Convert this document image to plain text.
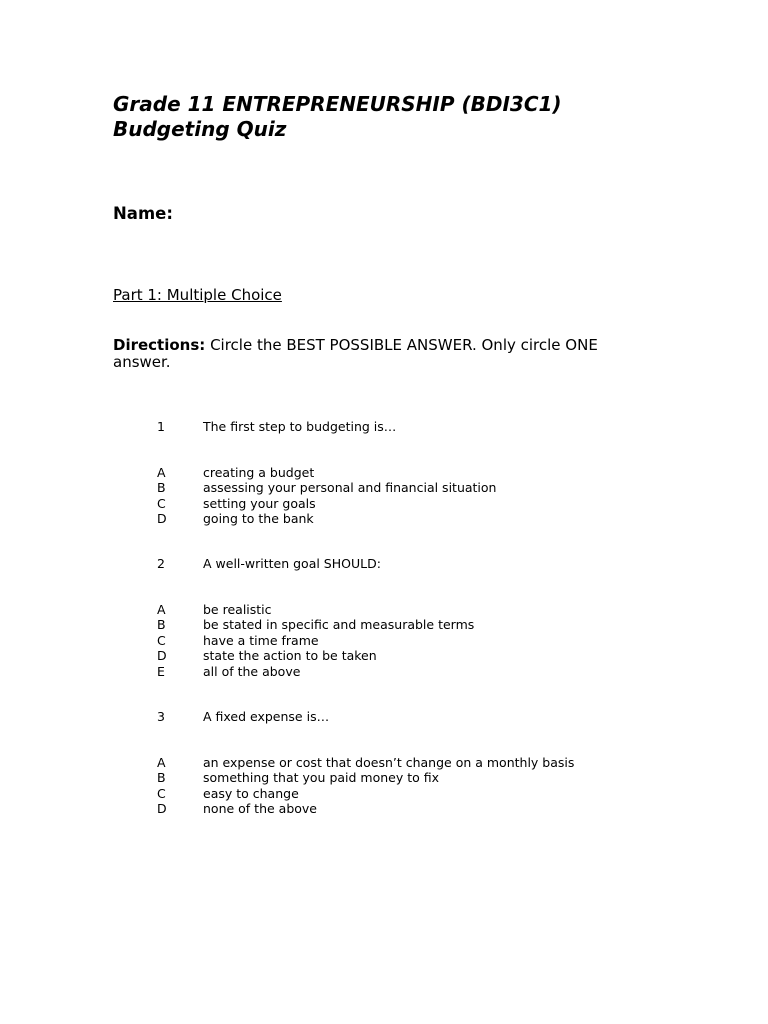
Grade 11 ENTREPRENEURSHIP (BDI3C1)
Budgeting Quiz
Name:
Part 1: Multiple Choice
Directions: Circle the BEST POSSIBLE ANSWER. Only circle ONE answer.
1	The first step to budgeting is…
A	creating a budget
B	assessing your personal and financial situation
C	setting your goals
D	going to the bank
2	A well-written goal SHOULD:
A	be realistic
B	be stated in specific and measurable terms
C	have a time frame
D	state the action to be taken
E	all of the above
3	A fixed expense is…
A	an expense or cost that doesn’t change on a monthly basis
B	something that you paid money to fix
C	easy to change
D	none of the above
